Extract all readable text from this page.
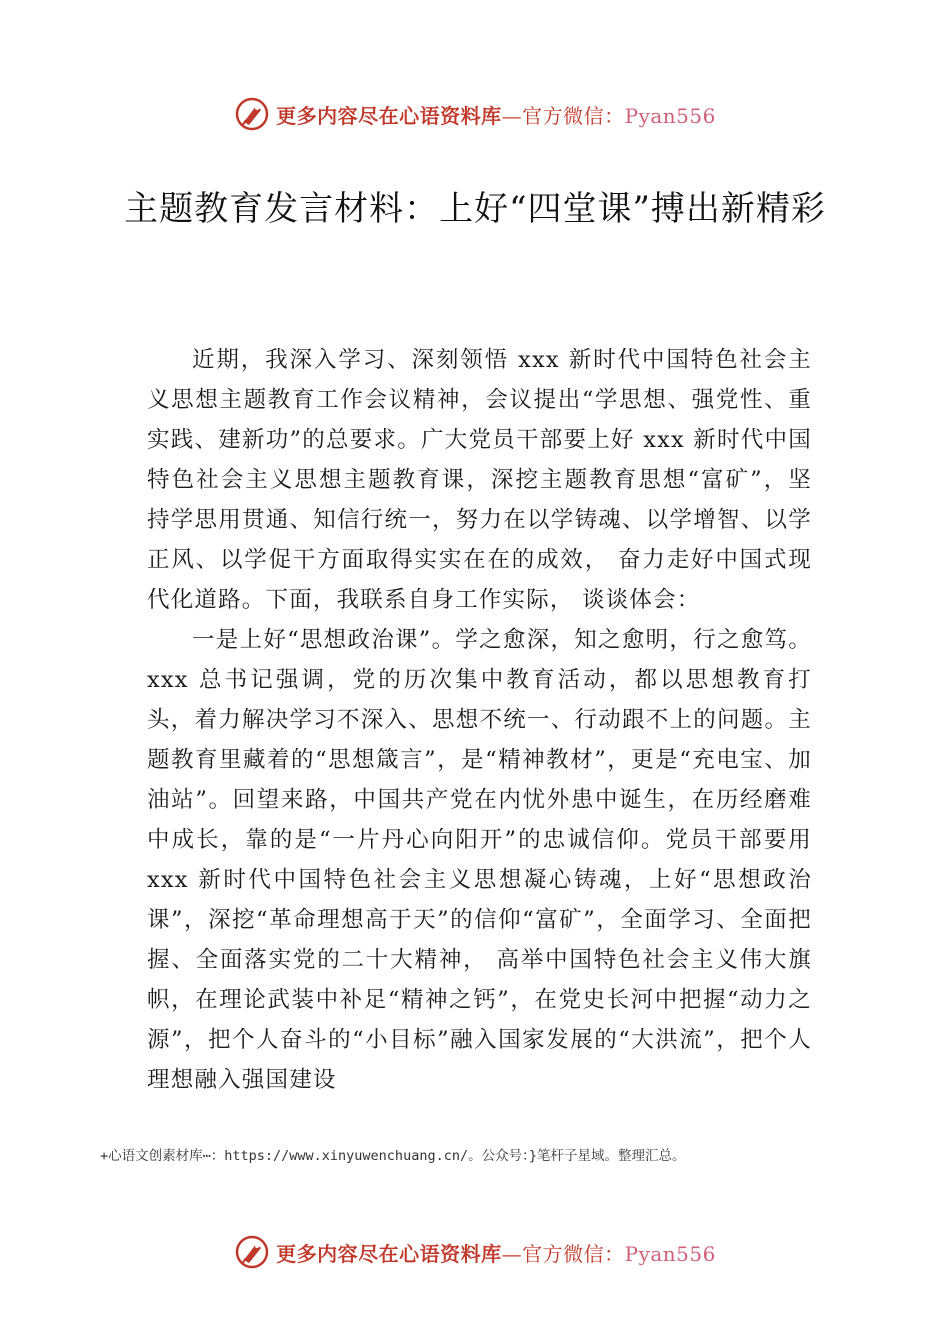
更多内容尽在心语资料库—官方微信：Pyan556
主题教育发言材料：上好“四堂课”搏出新精彩

近期，我深入学习、深刻领悟 xxx 新时代中国特色社会主义思想主题教育工作会议精神，会议提出“学思想、强党性、重实践、建新功”的总要求。广大党员干部要上好 xxx 新时代中国特色社会主义思想主题教育课，深挖主题教育思想“富矿”，坚持学思用贯通、知信行统一，努力在以学铸魂、以学增智、以学正风、以学促干方面取得实实在在的成效， 奋力走好中国式现代化道路。下面，我联系自身工作实际， 谈谈体会：

一是上好“思想政治课”。学之愈深，知之愈明，行之愈笃。xxx 总书记强调，党的历次集中教育活动，都以思想教育打头，着力解决学习不深入、思想不统一、行动跟不上的问题。主题教育里藏着的“思想箴言”，是“精神教材”，更是“充电宝、加油站”。回望来路，中国共产党在内忧外患中诞生，在历经磨难中成长，靠的是“一片丹心向阳开”的忠诚信仰。党员干部要用 xxx 新时代中国特色社会主义思想凝心铸魂，上好“思想政治课”，深挖“革命理想高于天”的信仰“富矿”，全面学习、全面把握、全面落实党的二十大精神， 高举中国特色社会主义伟大旗帜，在理论武装中补足“精神之钙”，在党史长河中把握“动力之源”，把个人奋斗的“小目标”融入国家发展的“大洪流”，把个人理想融入强国建设

+心语文创素材库⋯：https://www.xinyuwenchuang.cn/。公众号：}笔杆子星域。整理汇总。
更多内容尽在心语资料库—官方微信：Pyan556
